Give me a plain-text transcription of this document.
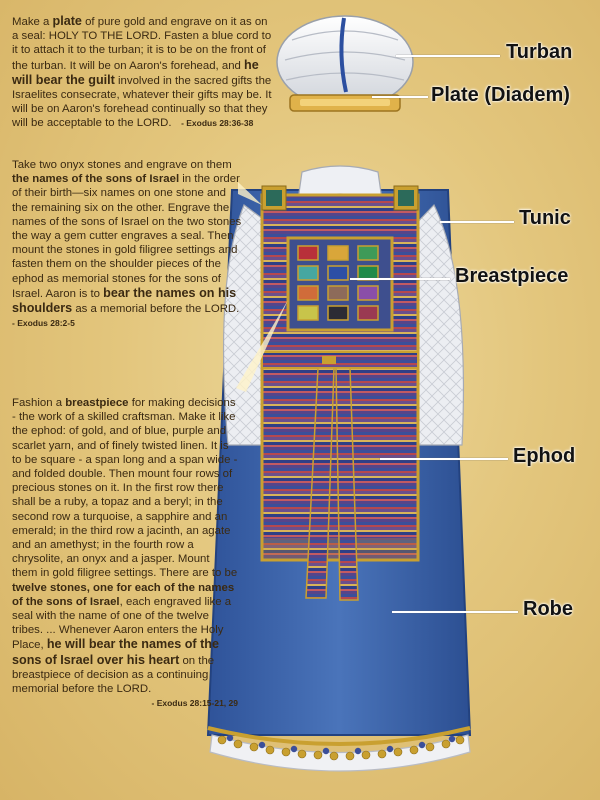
Make a plate of pure gold and engrave on it as on a seal: HOLY TO THE LORD. Fasten a blue cord to it to attach it to the turban; it is to be on the front of the turban. It will be on Aaron's forehead, and he will bear the guilt involved in the sacred gifts the Israelites consecrate, whatever their gifts may be. It will be on Aaron's forehead continually so that they will be acceptable to the LORD. - Exodus 28:36-38

Take two onyx stones and engrave on them the names of the sons of Israel in the order of their birth—six names on one stone and the remaining six on the other. Engrave the names of the sons of Israel on the two stones the way a gem cutter engraves a seal. Then mount the stones in gold filigree settings and fasten them on the shoulder pieces of the ephod as memorial stones for the sons of Israel. Aaron is to bear the names on his shoulders as a memorial before the LORD.
- Exodus 28:2-5

Fashion a breastpiece for making decisions - the work of a skilled craftsman. Make it like the ephod: of gold, and of blue, purple and scarlet yarn, and of finely twisted linen. It is to be square - a span long and a span wide - and folded double. Then mount four rows of precious stones on it. In the first row there shall be a ruby, a topaz and a beryl; in the second row a turquoise, a sapphire and an emerald; in the third row a jacinth, an agate and an amethyst; in the fourth row a chrysolite, an onyx and a jasper. Mount them in gold filigree settings. There are to be twelve stones, one for each of the names of the sons of Israel, each engraved like a seal with the name of one of the twelve tribes. ... Whenever Aaron enters the Holy Place, he will bear the names of the sons of Israel over his heart on the breastpiece of decision as a continuing memorial before the LORD.
- Exodus 28:15-21, 29

Turban
Plate (Diadem)
Tunic
Breastpiece
Ephod
Robe
